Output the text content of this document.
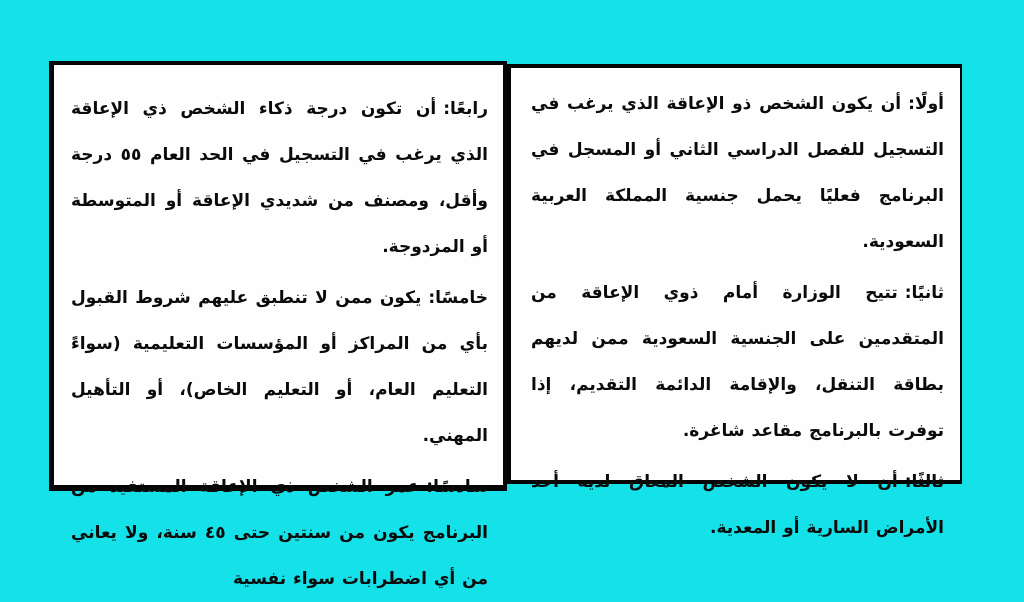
أولًا:أن يكون الشخص ذو الإعاقة الذي يرغب في التسجيل للفصل الدراسي الثاني أو المسجل في البرنامج فعليًا يحمل جنسية المملكة العربية السعودية.

ثانيًا:تتيح الوزارة أمام ذوي الإعاقة من المتقدمين على الجنسية السعودية ممن لديهم بطاقة التنقل، والإقامة الدائمة التقديم، إذا توفرت بالبرنامج مقاعد شاغرة.

ثالثًا:أن لا يكون الشخص المعاق لديه أحد الأمراض السارية أو المعدية.

رابعًا:أن تكون درجة ذكاء الشخص ذي الإعاقة الذي يرغب في التسجيل في الحد العام ٥٥ درجة وأقل، ومصنف من شديدي الإعاقة أو المتوسطة أو المزدوجة.

خامسًا:يكون ممن لا تنطبق عليهم شروط القبول بأي من المراكز أو المؤسسات التعليمية (سواءً التعليم العام، أو التعليم الخاص)، أو التأهيل المهني.

سادسًا:عمر الشخص ذي الإعاقة المستفيد من البرنامج يكون من سنتين حتى ٤٥ سنة، ولا يعاني من أي اضطرابات سواء نفسية
